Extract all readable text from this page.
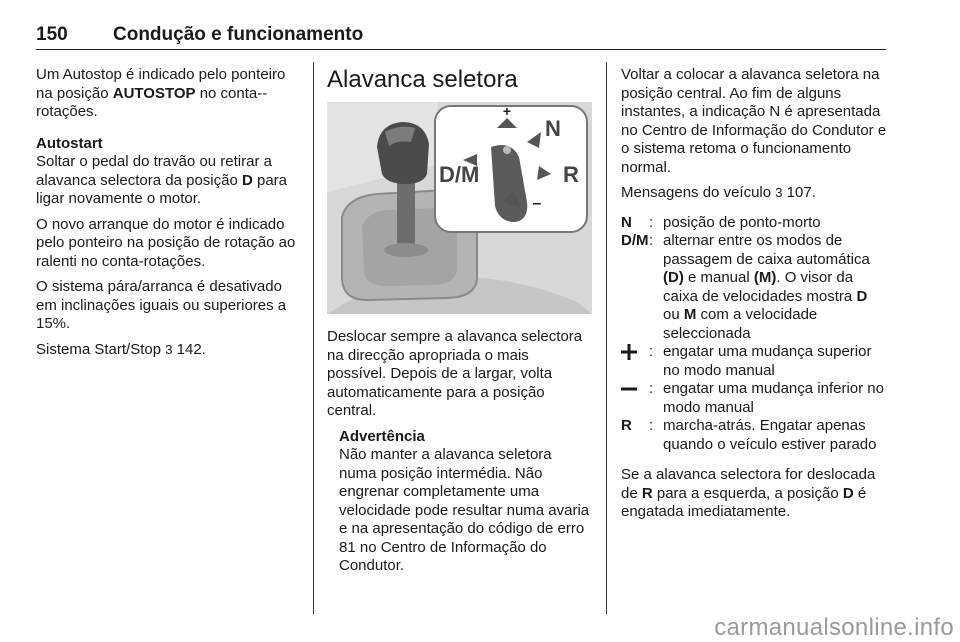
150 Condução e funcionamento

Um Autostop é indicado pelo ponteiro na posição AUTOSTOP no conta--rotações.

Autostart

Soltar o pedal do travão ou retirar a alavanca selectora da posição D para ligar novamente o motor.

O novo arranque do motor é indicado pelo ponteiro na posição de rotação ao ralenti no conta-rotações.

O sistema pára/arranca é desativado em inclinações iguais ou superiores a 15%.

Sistema Start/Stop 3 142.

Alavanca seletora
+
–
D/M
N
R

Deslocar sempre a alavanca selectora na direcção apropriada o mais possível. Depois de a largar, volta automaticamente para a posição central.

Advertência
Não manter a alavanca seletora numa posição intermédia. Não engrenar completamente uma velocidade pode resultar numa avaria e na apresentação do código de erro 81 no Centro de Informação do Condutor.

Voltar a colocar a alavanca seletora na posição central. Ao fim de alguns instantes, a indicação N é apresentada no Centro de Informação do Condutor e o sistema retoma o funcionamento normal.

Mensagens do veículo 3 107.

N	: posição de ponto-morto
D/M : alternar entre os modos de passagem de caixa automática (D) e manual (M). O visor da caixa de velocidades mostra D ou M com a velocidade seleccionada
: engatar uma mudança superior no modo manual
: engatar uma mudança inferior no modo manual
R	: marcha-atrás. Engatar apenas quando o veículo estiver parado

Se a alavanca selectora for deslocada de R para a esquerda, a posição D é engatada imediatamente.

carmanualsonline.info
